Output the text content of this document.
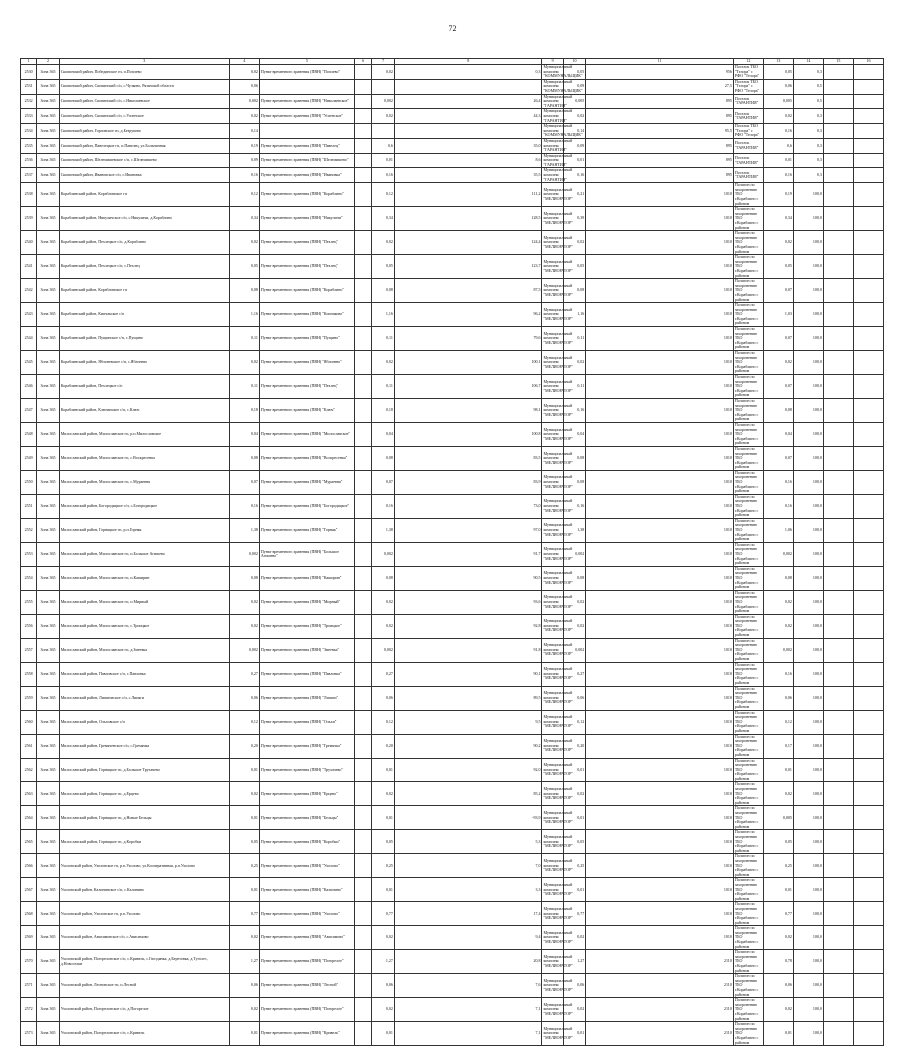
72
1	2	3	4	5	6	7	8	9	10	11	12	13	14	15	16
2530	Зона 365	Скопинский район, Побединское гп, п.Поплево	0,02	Пункт временного хранения (ПВН) "Поплево"		0,02	0,3	Муниципальный комплекс "КОММУНАЛЬЩИК"	0,05	956	Поселок ТБО "Телора" с РФО "Телора"	0,05	0,3		
2531	Зона 365	Скопинский район, Скопинский с/п, с.Чулково, Рязанской области	0,06					Муниципальный комплекс "КОММУНАЛЬЩИК"	0,09	27,5	Поселок ТБО "Телора" с РФО "Телора"	0,06	0,5		
2532	Зона 365	Скопинский район, Скопинский с/п, с.Николаевское	0,002	Пункт временного хранения (ПВН) "Николаевское"		0,002	26,4	Муниципальный комплекс "ГАРАНТИЯ"	0,005	895	Поселок "ГАРАНТИЯ"	0,005	0,5		
2533	Зона 365	Скопинский район, Скопинский с/п, с.Успенское	0,02	Пункт временного хранения (ПВН) "Успенское"		0,02	44,3	Муниципальный комплекс "ГАРАНТИЯ"	0,02	895	Поселок "ГАРАНТИЯ"	0,02	0,3		
2534	Зона 365	Скопинский район, Горловское гп, д.Безруково	0,14					Муниципальный комплекс "КОММУНАЛЬЩИК"	0,14	95,5	Поселок ТБО "Телора" с РФО "Телора"	0,16	0,3		
2535	Зона 365	Скопинский район, Павелецкое гп, п.Павелец, ул.Больничная	0,19	Пункт временного хранения (ПВН) "Павелец"		0,6	35,0	Муниципальный комплекс "ГАРАНТИЯ"	0,09	895	Поселок "ГАРАНТИЯ"	0,6	0,3		
2536	Зона 365	Скопинский район, Шелемишевское с/п, с.Шелемишево	0,09	Пункт временного хранения (ПВН) "Шелемишево"		0,01	8,6	Муниципальный комплекс "ГАРАНТИЯ"	0,01	895	Поселок "ГАРАНТИЯ"	0,01	0,3		
2537	Зона 365	Скопинский район, Ивановское с/п, с.Ивановка	0,16	Пункт временного хранения (ПВН) "Ивановка"		0,16	35,5	Муниципальный комплекс "ГАРАНТИЯ"	0,16	895	Поселок "ГАРАНТИЯ"	0,16	0,3		
2538	Зона 365	Кораблинский район, Кораблинское гп	0,12	Пункт временного хранения (ПВН) "Кораблино"		0,12	111,2	Муниципальный комплекс "МЕЛИОРАТОР"	0,21	1010	Полигон по захоронению ТБО г.Кораблино с районом	0,19	100,0		
2539	Зона 365	Кораблинский район, Никуличское с/п, с.Никуличи, д.Кораблино	0,34	Пункт временного хранения (ПВН) "Никуличи"		0,34	128,5	Муниципальный комплекс "МЕЛИОРАТОР"	0,39	1010	Полигон по захоронению ТБО г.Кораблино с районом	0,34	100,0		
2540	Зона 365	Кораблинский район, Пехлецкое с/п, д.Кораблино	0,02	Пункт временного хранения (ПВН) "Пехлец"		0,02	124,4	Муниципальный комплекс "МЕЛИОРАТОР"	0,02	1010	Полигон по захоронению ТБО г.Кораблино с районом	0,02	100,0		
2541	Зона 365	Кораблинский район, Пехлецкое с/п, с.Пехлец	0,05	Пункт временного хранения (ПВН) "Пехлец"		0,05	123,7	Муниципальный комплекс "МЕЛИОРАТОР"	0,05	1010	Полигон по захоронению ТБО г.Кораблино с районом	0,05	100,0		
2542	Зона 365	Кораблинский район, Кораблинское гп	0,08	Пункт временного хранения (ПВН) "Кораблино"		0,08	87,5	Муниципальный комплекс "МЕЛИОРАТОР"	0,08	1010	Полигон по захоронению ТБО г.Кораблино с районом	0,07	100,0		
2543	Зона 365	Кораблинский район, Кипчакское с/п	1,16	Пункт временного хранения (ПВН) "Кипчаково"		1,16	96,2	Муниципальный комплекс "МЕЛИОРАТОР"	1,16	1010	Полигон по захоронению ТБО г.Кораблино с районом	1,03	100,0		
2544	Зона 365	Кораблинский район, Пущинское с/п, с.Пущино	0,11	Пункт временного хранения (ПВН) "Пущино"		0,11	79,6	Муниципальный комплекс "МЕЛИОРАТОР"	0,11	1010	Полигон по захоронению ТБО г.Кораблино с районом	0,07	100,0		
2545	Зона 365	Кораблинский район, Яблоневское с/п, с.Яблонево	0,02	Пункт временного хранения (ПВН) "Яблонево"		0,02	100,1	Муниципальный комплекс "МЕЛИОРАТОР"	0,02	1010	Полигон по захоронению ТБО г.Кораблино с районом	0,02	100,0		
2546	Зона 365	Кораблинский район, Пехлецкое с/п	0,11	Пункт временного хранения (ПВН) "Пехлец"		0,11	106,7	Муниципальный комплекс "МЕЛИОРАТОР"	0,11	1010	Полигон по захоронению ТБО г.Кораблино с районом	0,07	100,0		
2547	Зона 365	Кораблинский район, Ключанское с/п, с.Ключ	0,18	Пункт временного хранения (ПВН) "Ключ"		0,18	98,1	Муниципальный комплекс "МЕЛИОРАТОР"	0,16	1010	Полигон по захоронению ТБО г.Кораблино с районом	0,08	100,0		
2548	Зона 365	Милославский район, Милославское гп, р.п.Милославское	0,04	Пункт временного хранения (ПВН) "Милославское"		0,04	100,8	Муниципальный комплекс "МЕЛИОРАТОР"	0,04	1010	Полигон по захоронению ТБО г.Кораблино с районом	0,04	100,0		
2549	Зона 365	Милославский район, Милославское гп, с.Воскресенка	0,08	Пункт временного хранения (ПВН) "Воскресенка"		0,08	83,5	Муниципальный комплекс "МЕЛИОРАТОР"	0,08	1010	Полигон по захоронению ТБО г.Кораблино с районом	0,07	100,0		
2550	Зона 365	Милославский район, Милославское гп, с.Мураевня	0,07	Пункт временного хранения (ПВН) "Мураевня"		0,07	83,9	Муниципальный комплекс "МЕЛИОРАТОР"	0,08	1010	Полигон по захоронению ТБО г.Кораблино с районом	0,16	100,0		
2551	Зона 365	Милославский район, Богородицкое с/п, с.Богородицкое	0,16	Пункт временного хранения (ПВН) "Богородицкое"		0,16	73,0	Муниципальный комплекс "МЕЛИОРАТОР"	0,16	1010	Полигон по захоронению ТБО г.Кораблино с районом	0,16	100,0		
2552	Зона 365	Милославский район, Горняцкое гп, р.п.Горняк	1,38	Пункт временного хранения (ПВН) "Горняк"		1,38	97,0	Муниципальный комплекс "МЕЛИОРАТОР"	1,38	1010	Полигон по захоронению ТБО г.Кораблино с районом	1,06	100,0		
2553	Зона 365	Милославский район, Милославское гп, п.Большое Агишево	0,002	Пункт временного хранения (ПВН) "Большое Агишево"		0,002	91,7	Муниципальный комплекс "МЕЛИОРАТОР"	0,002	1010	Полигон по захоронению ТБО г.Кораблино с районом	0,002	100,0		
2554	Зона 365	Милославский район, Милославское гп, п.Каширин	0,08	Пункт временного хранения (ПВН) "Каширин"		0,08	90,5	Муниципальный комплекс "МЕЛИОРАТОР"	0,08	1010	Полигон по захоронению ТБО г.Кораблино с районом	0,08	100,0		
2555	Зона 365	Милославский район, Милославское гп, п.Мирный	0,02	Пункт временного хранения (ПВН) "Мирный"		0,02	93,6	Муниципальный комплекс "МЕЛИОРАТОР"	0,02	1010	Полигон по захоронению ТБО г.Кораблино с районом	0,02	100,0		
2556	Зона 365	Милославский район, Милославское гп, с.Троицкое	0,02	Пункт временного хранения (ПВН) "Троицкое"		0,02	92,8	Муниципальный комплекс "МЕЛИОРАТОР"	0,02	1010	Полигон по захоронению ТБО г.Кораблино с районом	0,02	100,0		
2557	Зона 365	Милославский район, Милославское гп, д.Змеевка	0,002	Пункт временного хранения (ПВН) "Змеевка"		0,002	91,8	Муниципальный комплекс "МЕЛИОРАТОР"	0,002	1010	Полигон по захоронению ТБО г.Кораблино с районом	0,002	100,0		
2558	Зона 365	Милославский район, Павловское с/п, с.Павловка	0,27	Пункт временного хранения (ПВН) "Павловка"		0,27	90,1	Муниципальный комплекс "МЕЛИОРАТОР"	0,27	1010	Полигон по захоронению ТБО г.Кораблино с районом	0,16	100,0		
2559	Зона 365	Милославский район, Липяговское с/п, с.Липяги	0,06	Пункт временного хранения (ПВН) "Липяги"		0,06	89,5	Муниципальный комплекс "МЕЛИОРАТОР"	0,06	1010	Полигон по захоронению ТБО г.Кораблино с районом	0,06	100,0		
2560	Зона 365	Милославский район, Ольховское с/п	0,12	Пункт временного хранения (ПВН) "Ольхи"		0,12	9,5	Муниципальный комплекс "МЕЛИОРАТОР"	0,12	1010	Полигон по захоронению ТБО г.Кораблино с районом	0,12	100,0		
2561	Зона 365	Милославский район, Гремяченское с/п, с.Гремячка	0,20	Пункт временного хранения (ПВН) "Гремячка"		0,20	90,2	Муниципальный комплекс "МЕЛИОРАТОР"	0,20	1010	Полигон по захоронению ТБО г.Кораблино с районом	0,17	100,0		
2562	Зона 365	Милославский район, Горняцкое гп, д.Большое Трухачево	0,01	Пункт временного хранения (ПВН) "Трухачево"		0,01	92,0	Муниципальный комплекс "МЕЛИОРАТОР"	0,01	1010	Полигон по захоронению ТБО г.Кораблино с районом	0,01	100,0		
2563	Зона 365	Милославский район, Горняцкое гп, д.Ерцево	0,02	Пункт временного хранения (ПВН) "Ерцево"		0,02	85,2	Муниципальный комплекс "МЕЛИОРАТОР"	0,02	1010	Полигон по захоронению ТБО г.Кораблино с районом	0,02	100,0		
2564	Зона 365	Милославский район, Горняцкое гп, д.Новые Бельцы	0,01	Пункт временного хранения (ПВН) "Бельцы"		0,01	-93,9	Муниципальный комплекс "МЕЛИОРАТОР"	0,01	1010	Полигон по захоронению ТБО г.Кораблино с районом	0,005	100,0		
2565	Зона 365	Милославский район, Горняцкое гп, д.Коробки	0,05	Пункт временного хранения (ПВН) "Коробки"		0,05	5,3	Муниципальный комплекс "МЕЛИОРАТОР"	0,05	1010	Полигон по захоронению ТБО г.Кораблино с районом	0,05	100,0		
2566	Зона 365	Ухоловский район, Ухоловское гп, р.п.Ухолово, ул.Кооперативная, р.п.Ухолово	0,25	Пункт временного хранения (ПВН) "Ухолово"		0,25	7,0	Муниципальный комплекс "МЕЛИОРАТОР"	0,25	1010	Полигон по захоронению ТБО г.Кораблино с районом	0,25	100,0		
2567	Зона 365	Ухоловский район, Калининское с/п, с.Калинино	0,01	Пункт временного хранения (ПВН) "Калинино"		0,01	3,3	Муниципальный комплекс "МЕЛИОРАТОР"	0,01	1010	Полигон по захоронению ТБО г.Кораблино с районом	0,01	100,0		
2568	Зона 365	Ухоловский район, Ухоловское гп, р.п.Ухолово	0,77	Пункт временного хранения (ПВН) "Ухолово"		0,77	17,4	Муниципальный комплекс "МЕЛИОРАТОР"	0,77	1010	Полигон по захоронению ТБО г.Кораблино с районом	0,77	100,0		
2569	Зона 365	Ухоловский район, Ависимовское с/п, с.Ависимово	0,02	Пункт временного хранения (ПВН) "Ависимово"		0,02	9,4	Муниципальный комплекс "МЕЛИОРАТОР"	0,02	1010	Полигон по захоронению ТБО г.Кораблино с районом	0,02	100,0		
2570	Зона 365	Ухоловский район, Погореловское с/п, с.Кривель, с.Гвоздянка, д.Березовка, д.Туголес, д.Новоселки	1,27	Пункт временного хранения (ПВН) "Погорелое"		1,27	20,8	Муниципальный комплекс "МЕЛИОРАТОР"	1,27	2110	Полигон по захоронению ТБО г.Кораблино с районом	0,78	100,0		
2571	Зона 365	Ухоловский район, Лесновское гп, п.Лесной	0,06	Пункт временного хранения (ПВН) "Лесной"		0,06	7,6	Муниципальный комплекс "МЕЛИОРАТОР"	0,06	2110	Полигон по захоронению ТБО г.Кораблино с районом	0,06	100,0		
2572	Зона 365	Ухоловский район, Погореловское с/п, д.Погорелое	0,02	Пункт временного хранения (ПВН) "Погорелое"		0,02	7,1	Муниципальный комплекс "МЕЛИОРАТОР"	0,02	2110	Полигон по захоронению ТБО г.Кораблино с районом	0,02	100,0		
2573	Зона 365	Ухоловский район, Погореловское с/п, с.Кривель	0,01	Пункт временного хранения (ПВН) "Кривель"		0,01	7,1	Муниципальный комплекс "МЕЛИОРАТОР"	0,01	2110	Полигон по захоронению ТБО г.Кораблино с районом	0,01	100,0		
